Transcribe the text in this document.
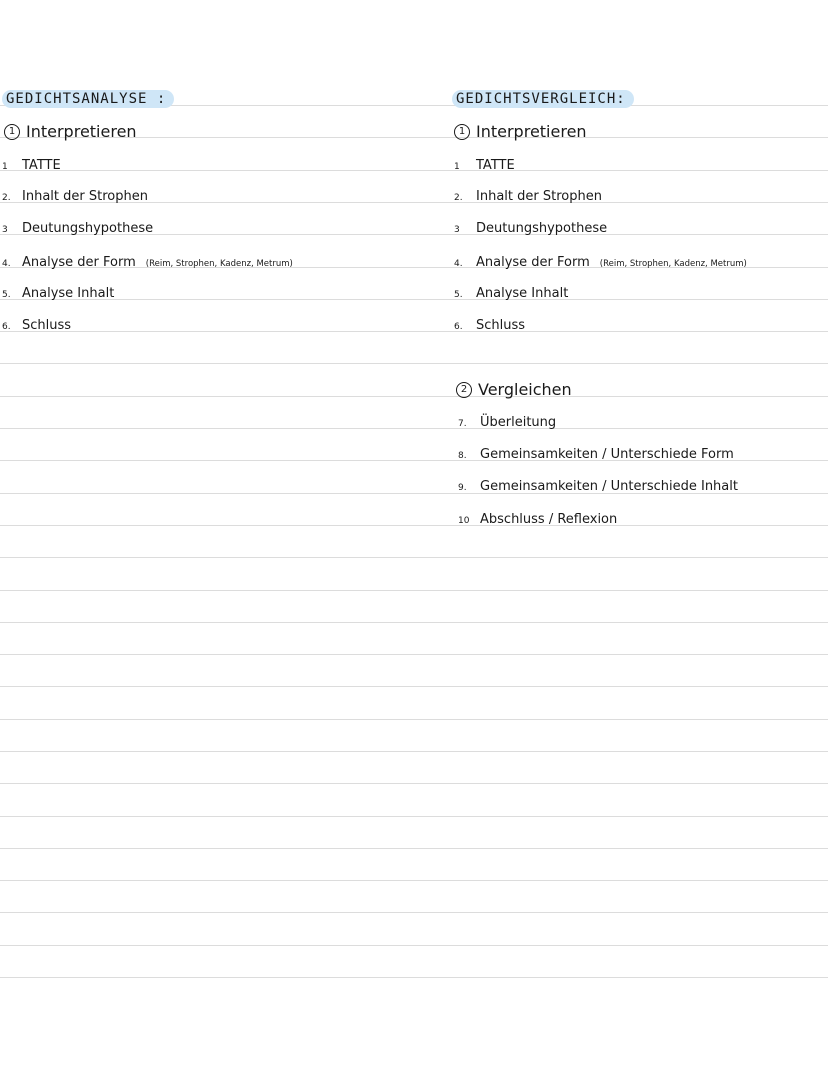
GEDICHTSANALYSE :
1 Interpretieren
1	TATTE
2. Inhalt der Strophen
3	Deutungshypothese
4. Analyse der Form (Reim, Strophen, Kadenz, Metrum)
5. Analyse Inhalt
6. Schluss
GEDICHTSVERGLEICH:
1 Interpretieren
1	TATTE
2.	Inhalt der Strophen
3	Deutungshypothese
4.	Analyse der Form (Reim, Strophen, Kadenz, Metrum)
5.	Analyse Inhalt
6.	Schluss
2 Vergleichen
7.	Überleitung
8.	Gemeinsamkeiten / Unterschiede Form
9.	Gemeinsamkeiten / Unterschiede Inhalt
10 Abschluss / Reflexion
